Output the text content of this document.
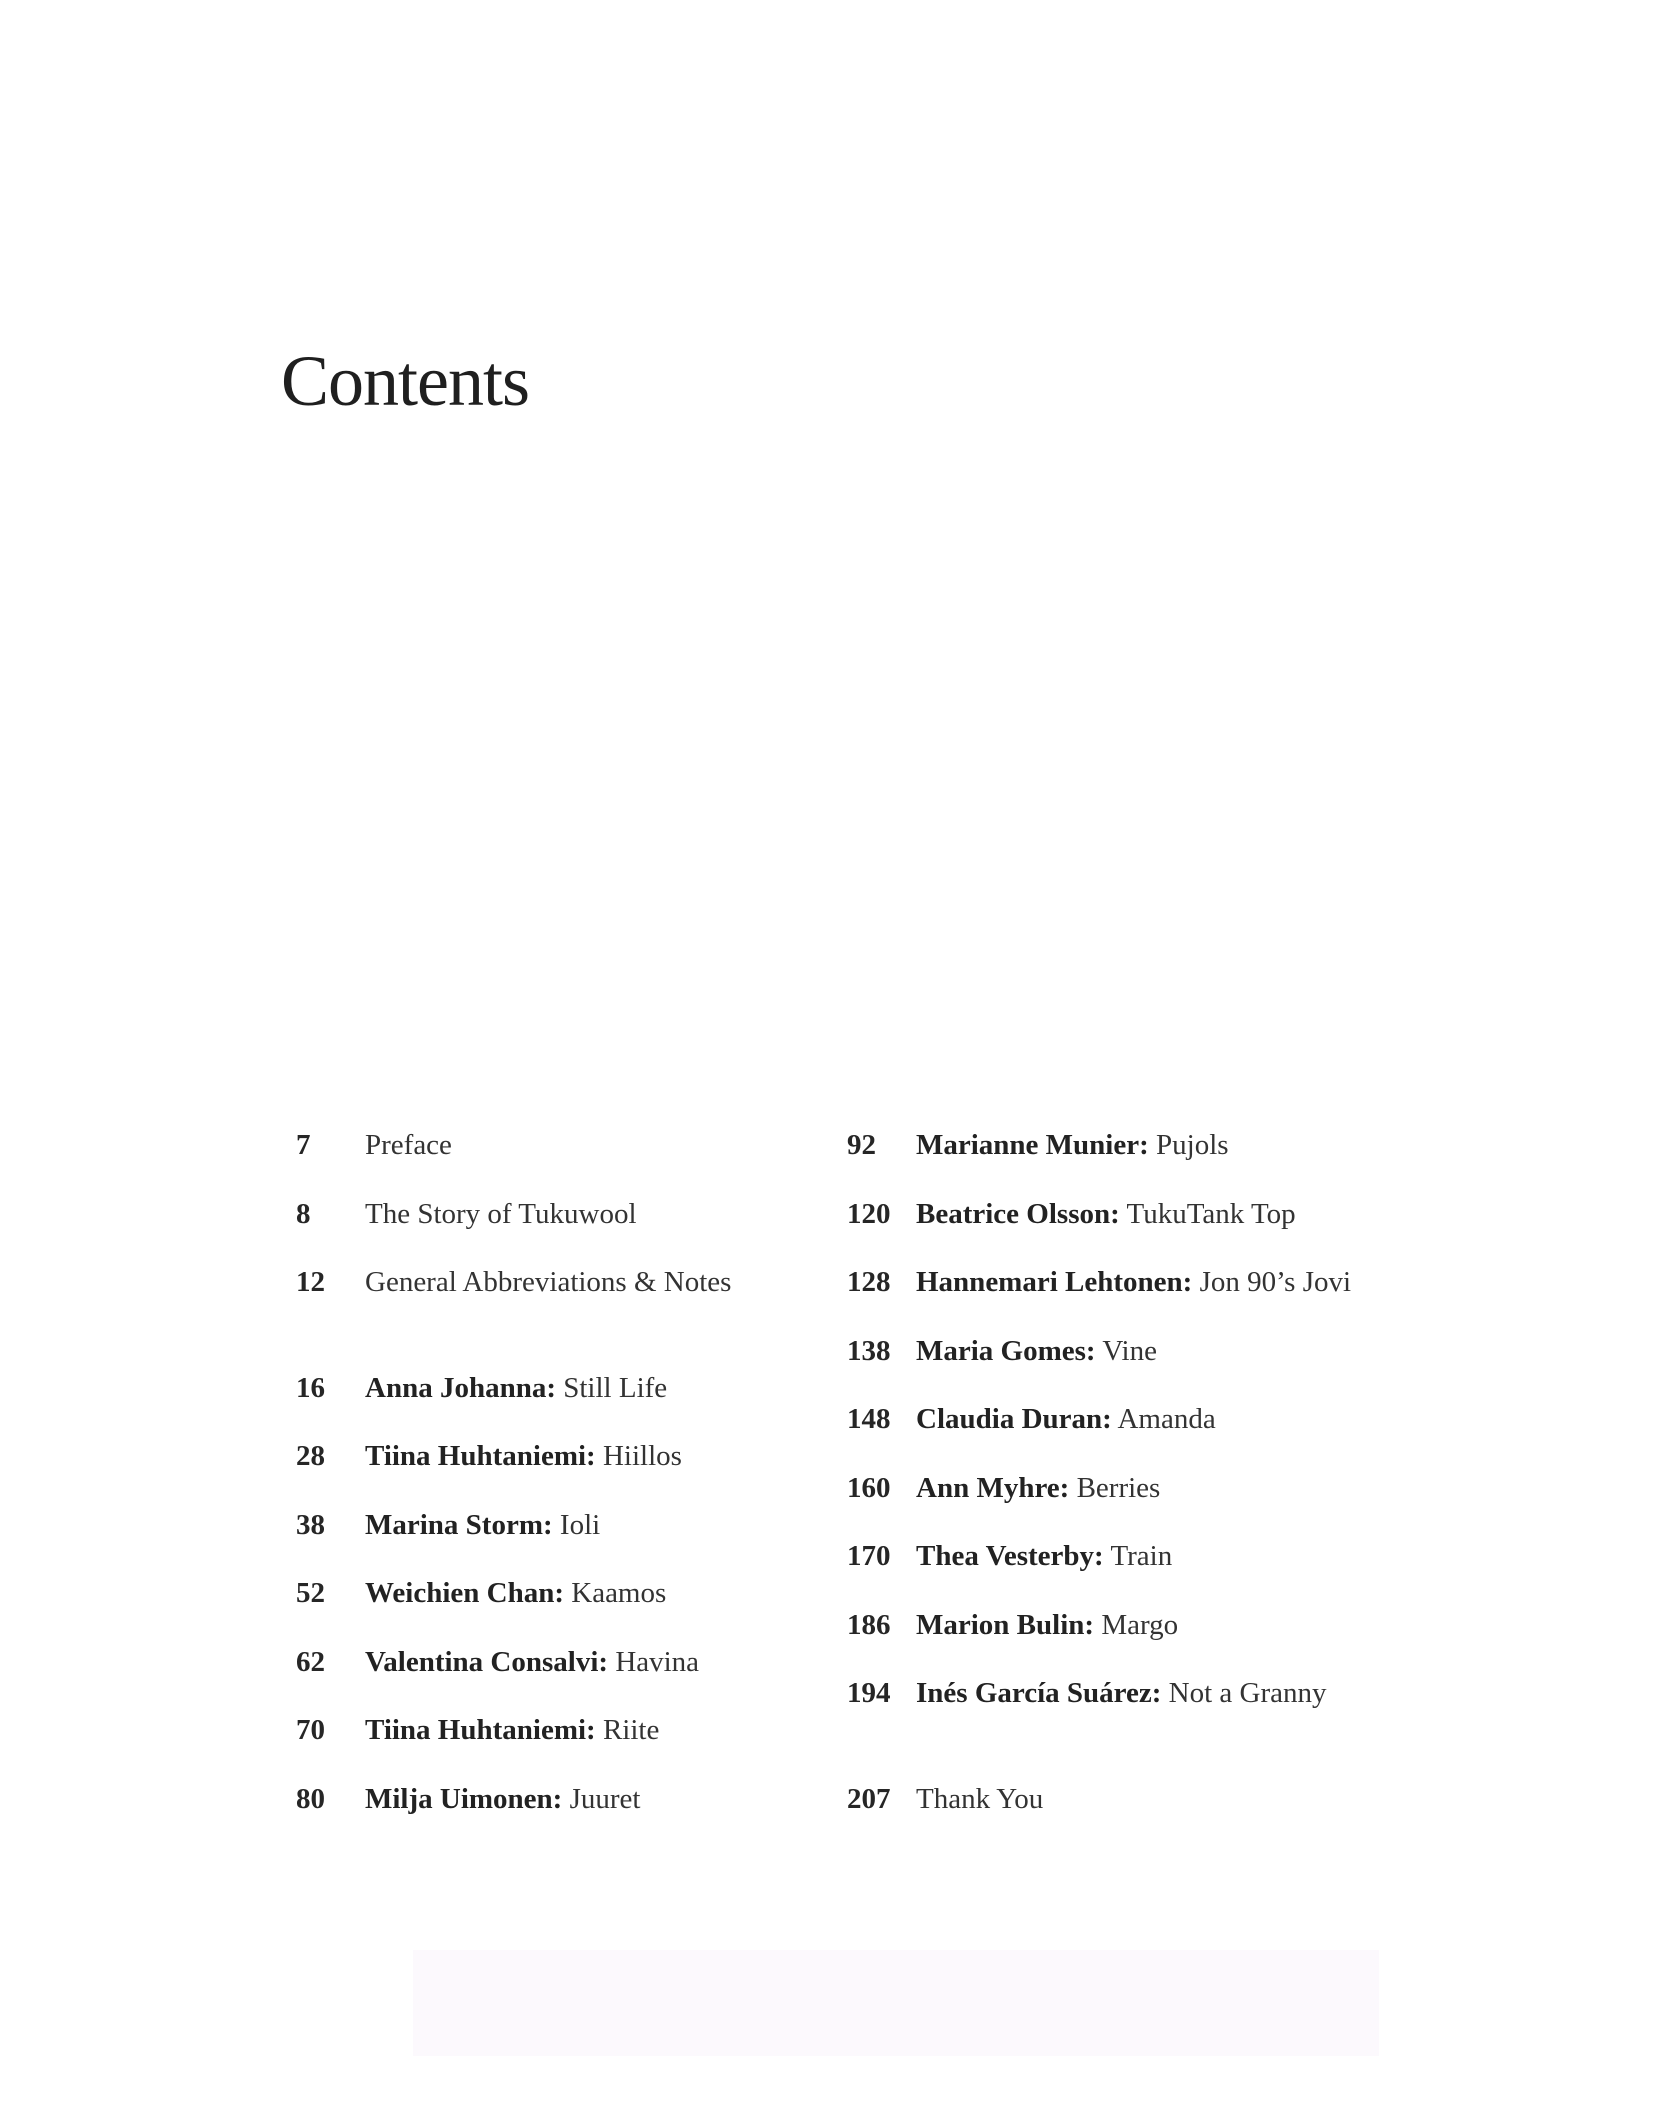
Contents
7 Preface
8 The Story of Tukuwool
12 General Abbreviations & Notes
16 Anna Johanna: Still Life
28 Tiina Huhtaniemi: Hiillos
38 Marina Storm: Ioli
52 Weichien Chan: Kaamos
62 Valentina Consalvi: Havina
70 Tiina Huhtaniemi: Riite
80 Milja Uimonen: Juuret
92 Marianne Munier: Pujols
120 Beatrice Olsson: TukuTank Top
128 Hannemari Lehtonen: Jon 90’s Jovi
138 Maria Gomes: Vine
148 Claudia Duran: Amanda
160 Ann Myhre: Berries
170 Thea Vesterby: Train
186 Marion Bulin: Margo
194 Inés García Suárez: Not a Granny
207 Thank You
